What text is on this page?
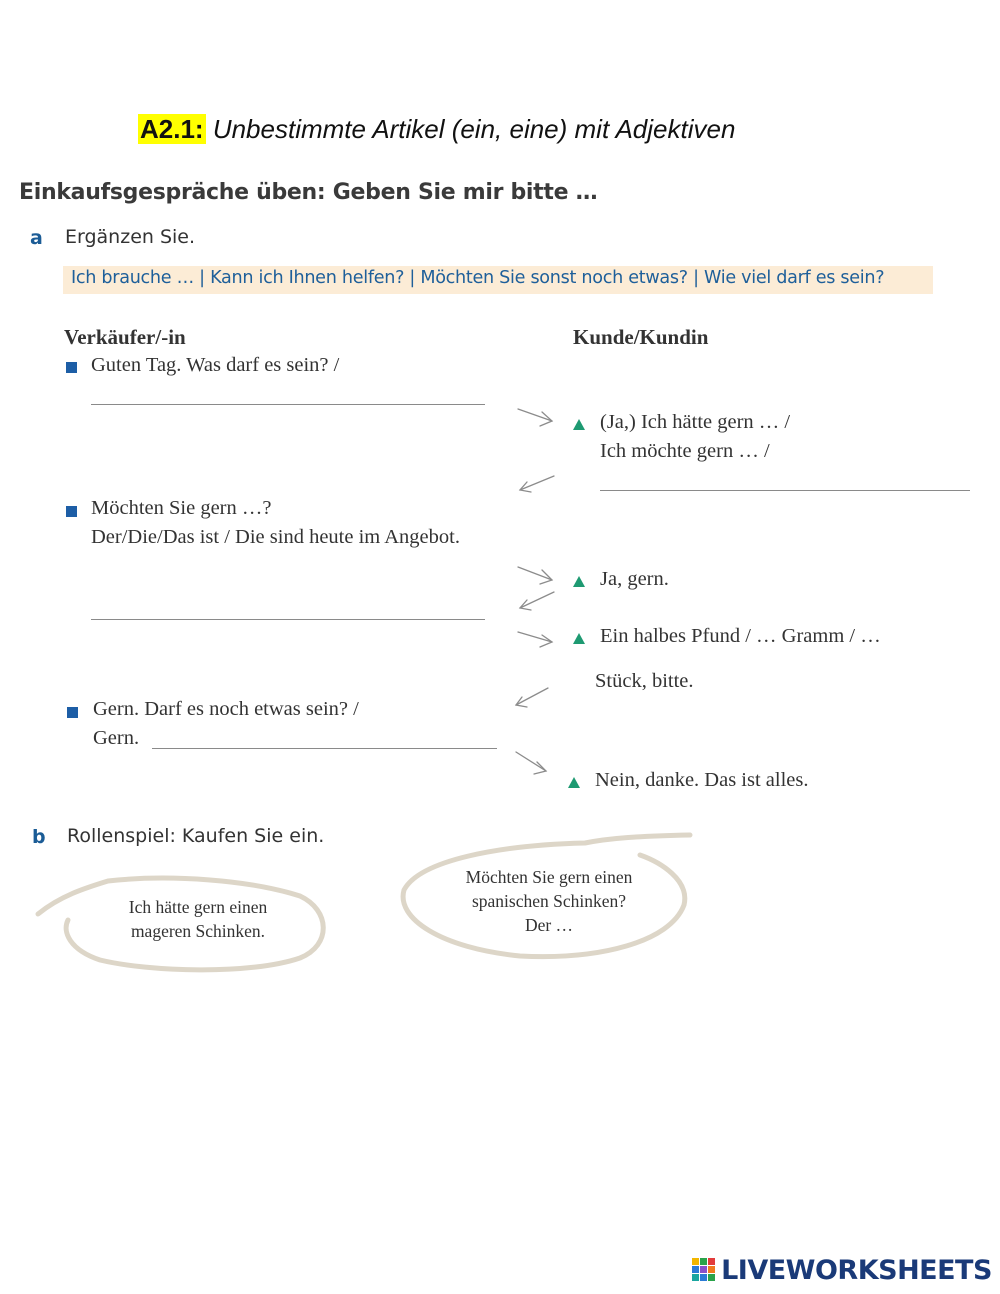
A2.1: Unbestimmte Artikel (ein, eine) mit Adjektiven
Einkaufsgespräche üben: Geben Sie mir bitte …
a Ergänzen Sie.
Ich brauche … | Kann ich Ihnen helfen? | Möchten Sie sonst noch etwas? | Wie viel darf es sein?
Verkäufer/-in	Kunde/Kundin
Guten Tag. Was darf es sein? /
(Ja,) Ich hätte gern … /
Ich möchte gern … /
Möchten Sie gern …?
Der/Die/Das ist / Die sind heute im Angebot.
Ja, gern.
Ein halbes Pfund / … Gramm / …
Stück, bitte.
Gern. Darf es noch etwas sein? /
Gern.
Nein, danke. Das ist alles.
b Rollenspiel: Kaufen Sie ein.
Ich hätte gern einen
mageren Schinken.
Möchten Sie gern einen
spanischen Schinken?
Der …
LIVEWORKSHEETS
